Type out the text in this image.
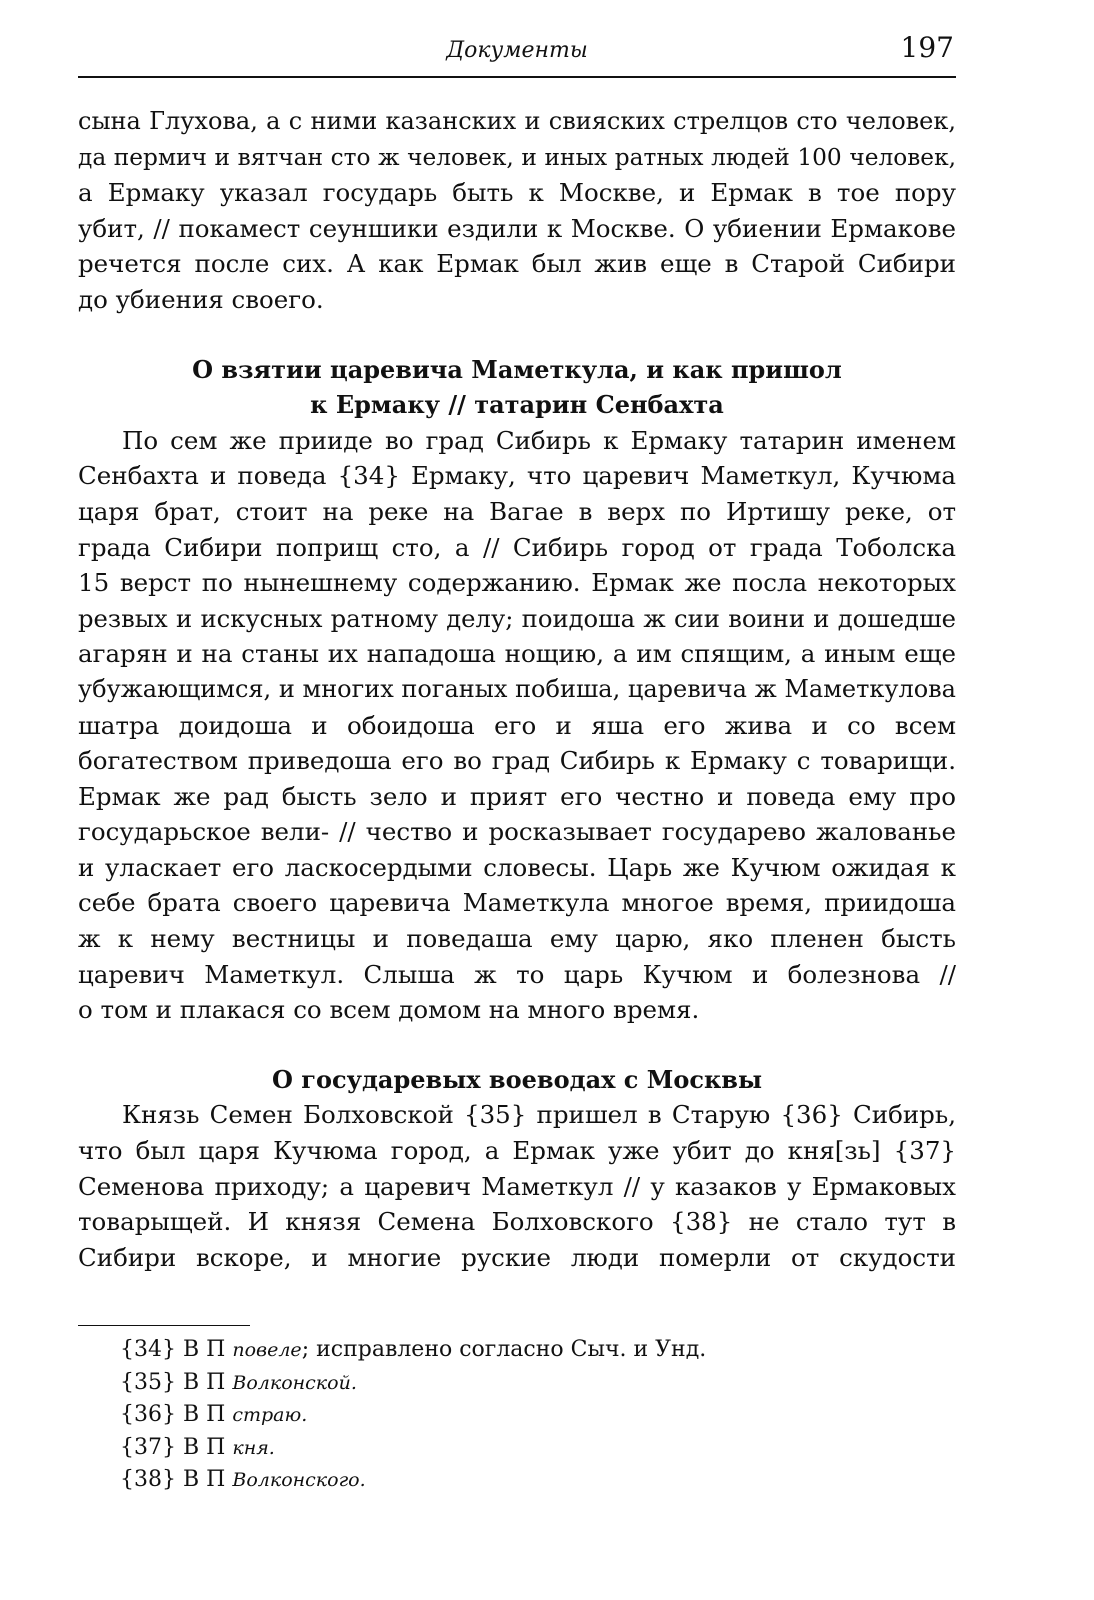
Документы	197
сына Глухова, а с ними казанских и свияских стрелцов сто человек,
да пермич и вятчан сто ж человек, и иных ратных людей 100 человек,
а Ермаку указал государь быть к Москве, и Ермак в тое пору
убит, // покамест сеуншики ездили к Москве. О убиении Ермакове
речется после сих. А как Ермак был жив еще в Старой Сибири
до убиения своего.
О взятии царевича Маметкула, и как пришол
к Ермаку // татарин Сенбахта
По сем же прииде во град Сибирь к Ермаку татарин именем
Сенбахта и поведа {34} Ермаку, что царевич Маметкул, Кучюма
царя брат, стоит на реке на Вагае в верх по Иртишу реке, от
града Сибири поприщ сто, а // Сибирь город от града Тоболска
15 верст по нынешнему содержанию. Ермак же посла некоторых
резвых и искусных ратному делу; поидоша ж сии воини и дошедше
агарян и на станы их нападоша нощию, а им спящим, а иным еще
убужающимся, и многих поганых побиша, царевича ж Маметкулова
шатра доидоша и обоидоша его и яша его жива и со всем
богатеством приведоша его во град Сибирь к Ермаку с товарищи.
Ермак же рад бысть зело и прият его честно и поведа ему про
государьское вели- // чество и росказывает государево жалованье
и уласкает его ласкосердыми словесы. Царь же Кучюм ожидая к
себе брата своего царевича Маметкула многое время, приидоша
ж к нему вестницы и поведаша ему царю, яко пленен бысть
царевич Маметкул. Слыша ж то царь Кучюм и болезнова //
о том и плакася со всем домом на много время.
О государевых воеводах с Москвы
Князь Семен Болховской {35} пришел в Старую {36} Сибирь,
что был царя Кучюма город, а Ермак уже убит до кня[зь] {37}
Семенова приходу; а царевич Маметкул // у казаков у Ермаковых
товарыщей. И князя Семена Болховского {38} не стало тут в
Сибири вскоре, и многие руские люди померли от скудости
{34} В П повеле; исправлено согласно Сыч. и Унд.
{35} В П Волконской.
{36} В П страю.
{37} В П кня.
{38} В П Волконского.
